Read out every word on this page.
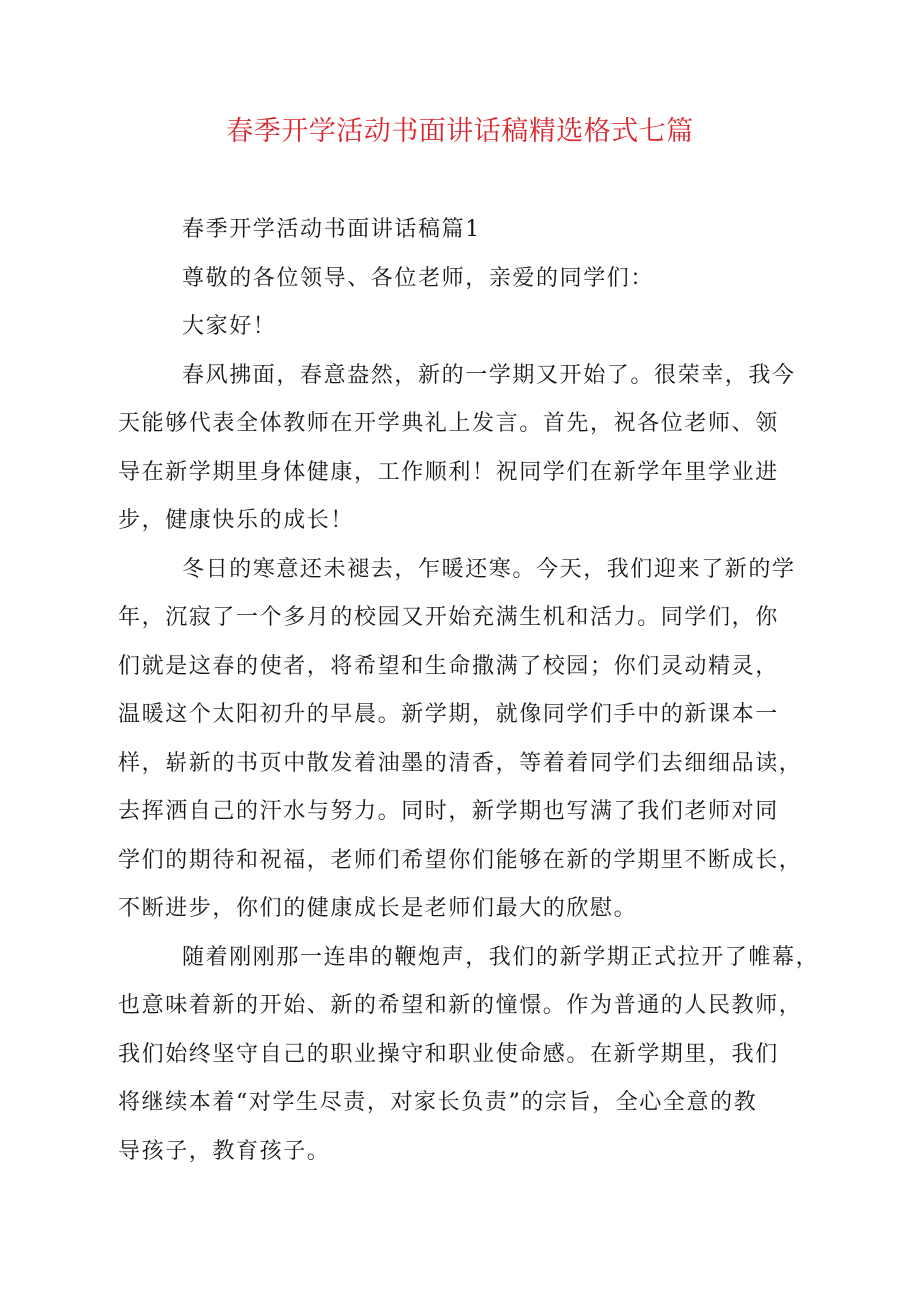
春季开学活动书面讲话稿精选格式七篇
春季开学活动书面讲话稿篇1
尊敬的各位领导、各位老师，亲爱的同学们：
大家好！
春风拂面，春意盎然，新的一学期又开始了。很荣幸，我今
天能够代表全体教师在开学典礼上发言。首先，祝各位老师、领
导在新学期里身体健康，工作顺利！祝同学们在新学年里学业进
步，健康快乐的成长！
冬日的寒意还未褪去，乍暖还寒。今天，我们迎来了新的学
年，沉寂了一个多月的校园又开始充满生机和活力。同学们，你
们就是这春的使者，将希望和生命撒满了校园；你们灵动精灵，
温暖这个太阳初升的早晨。新学期，就像同学们手中的新课本一
样，崭新的书页中散发着油墨的清香，等着着同学们去细细品读，
去挥洒自己的汗水与努力。同时，新学期也写满了我们老师对同
学们的期待和祝福，老师们希望你们能够在新的学期里不断成长，
不断进步，你们的健康成长是老师们最大的欣慰。
随着刚刚那一连串的鞭炮声，我们的新学期正式拉开了帷幕，
也意味着新的开始、新的希望和新的憧憬。作为普通的人民教师，
我们始终坚守自己的职业操守和职业使命感。在新学期里，我们
将继续本着“对学生尽责，对家长负责”的宗旨，全心全意的教
导孩子，教育孩子。
